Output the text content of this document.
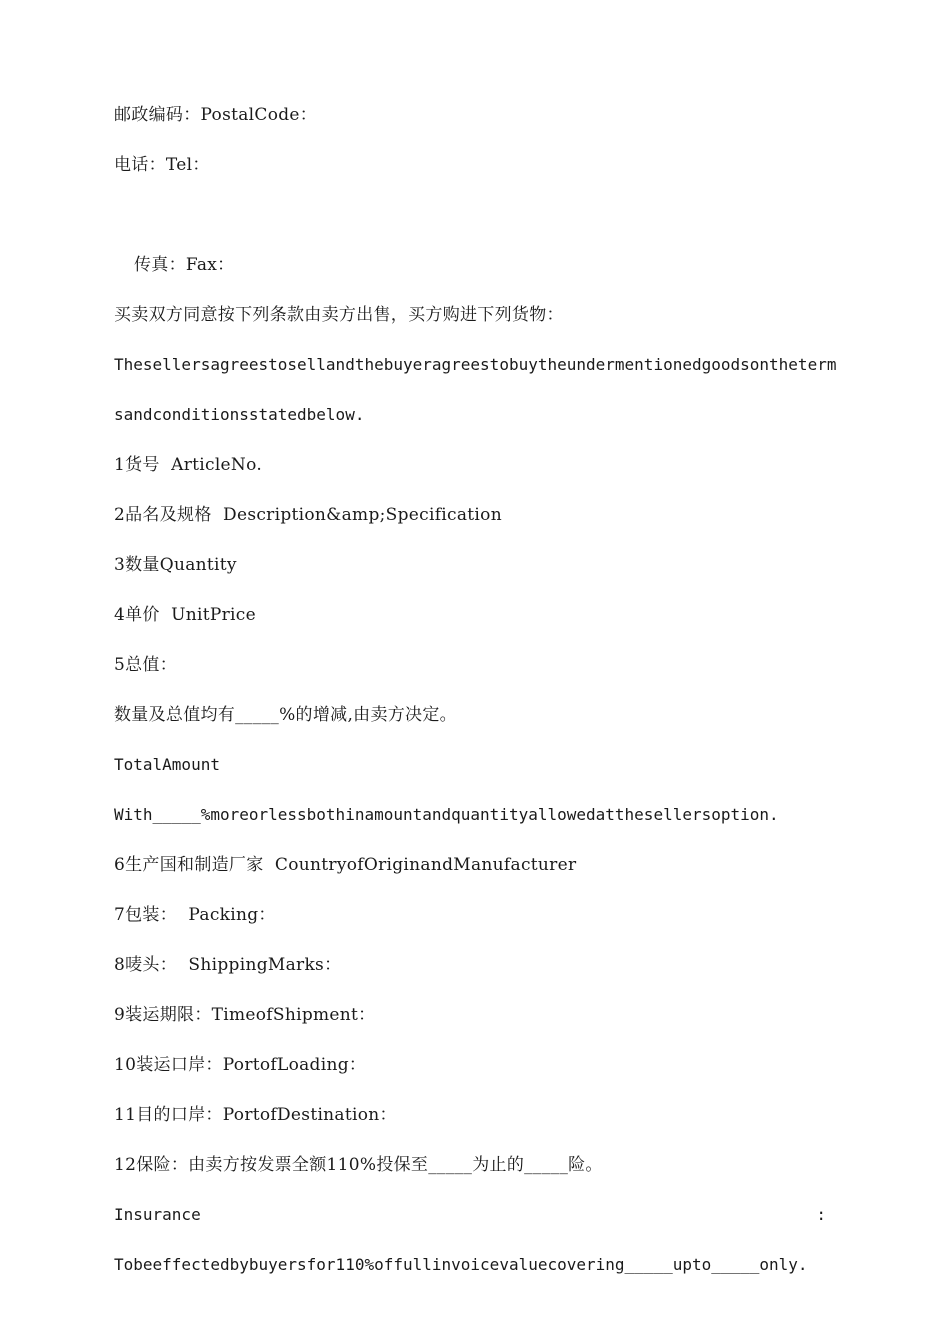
邮政编码：PostalCode：
电话：Tel：
传真：Fax：
买卖双方同意按下列条款由卖方出售，买方购进下列货物：
Thesellersagreestosellandthebuyeragreestobuytheundermentionedgoodsontheterm
sandconditionsstatedbelow.
1货号  ArticleNo.
2品名及规格  Description&amp;Specification
3数量Quantity
4单价  UnitPrice
5总值：
数量及总值均有_____%的增减,由卖方决定。
TotalAmount
With_____%moreorlessbothinamountandquantityallowedatthesellersoption.
6生产国和制造厂家  CountryofOriginandManufacturer
7包装：  Packing：
8唛头：  ShippingMarks：
9装运期限：TimeofShipment：
10装运口岸：PortofLoading：
11目的口岸：PortofDestination：
12保险：由卖方按发票全额110%投保至_____为止的_____险。
Insurance	:
Tobeeffectedbybuyersfor110%offullinvoicevaluecovering_____upto_____only.
